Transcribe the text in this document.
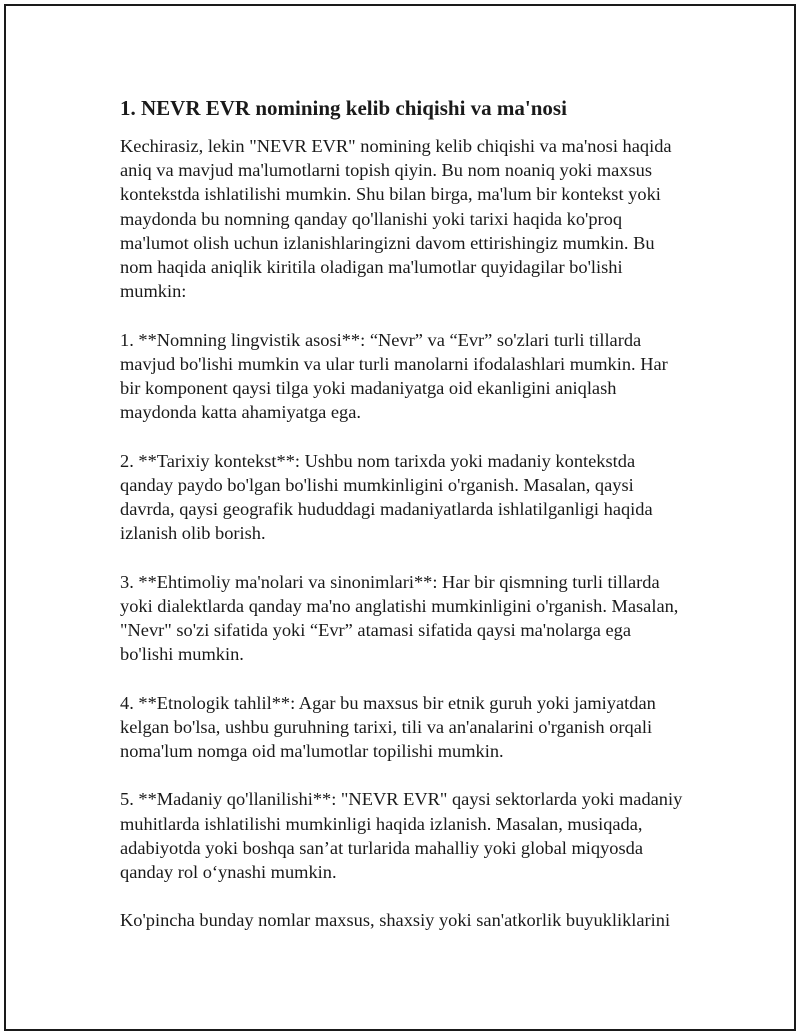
1. NEVR EVR nomining kelib chiqishi va ma'nosi

Kechirasiz, lekin "NEVR EVR" nomining kelib chiqishi va ma'nosi haqida
aniq va mavjud ma'lumotlarni topish qiyin. Bu nom noaniq yoki maxsus
kontekstda ishlatilishi mumkin. Shu bilan birga, ma'lum bir kontekst yoki
maydonda bu nomning qanday qo'llanishi yoki tarixi haqida ko'proq
ma'lumot olish uchun izlanishlaringizni davom ettirishingiz mumkin. Bu
nom haqida aniqlik kiritila oladigan ma'lumotlar quyidagilar bo'lishi
mumkin:

1. **Nomning lingvistik asosi**: “Nevr” va “Evr” so'zlari turli tillarda
mavjud bo'lishi mumkin va ular turli manolarni ifodalashlari mumkin. Har
bir komponent qaysi tilga yoki madaniyatga oid ekanligini aniqlash
maydonda katta ahamiyatga ega.

2. **Tarixiy kontekst**: Ushbu nom tarixda yoki madaniy kontekstda
qanday paydo bo'lgan bo'lishi mumkinligini o'rganish. Masalan, qaysi
davrda, qaysi geografik hududdagi madaniyatlarda ishlatilganligi haqida
izlanish olib borish.

3. **Ehtimoliy ma'nolari va sinonimlari**: Har bir qismning turli tillarda
yoki dialektlarda qanday ma'no anglatishi mumkinligini o'rganish. Masalan,
"Nevr" so'zi sifatida yoki “Evr” atamasi sifatida qaysi ma'nolarga ega
bo'lishi mumkin.

4. **Etnologik tahlil**: Agar bu maxsus bir etnik guruh yoki jamiyatdan
kelgan bo'lsa, ushbu guruhning tarixi, tili va an'analarini o'rganish orqali
noma'lum nomga oid ma'lumotlar topilishi mumkin.

5. **Madaniy qo'llanilishi**: "NEVR EVR" qaysi sektorlarda yoki madaniy
muhitlarda ishlatilishi mumkinligi haqida izlanish. Masalan, musiqada,
adabiyotda yoki boshqa san’at turlarida mahalliy yoki global miqyosda
qanday rol o‘ynashi mumkin.

Ko'pincha bunday nomlar maxsus, shaxsiy yoki san'atkorlik buyukliklarini
